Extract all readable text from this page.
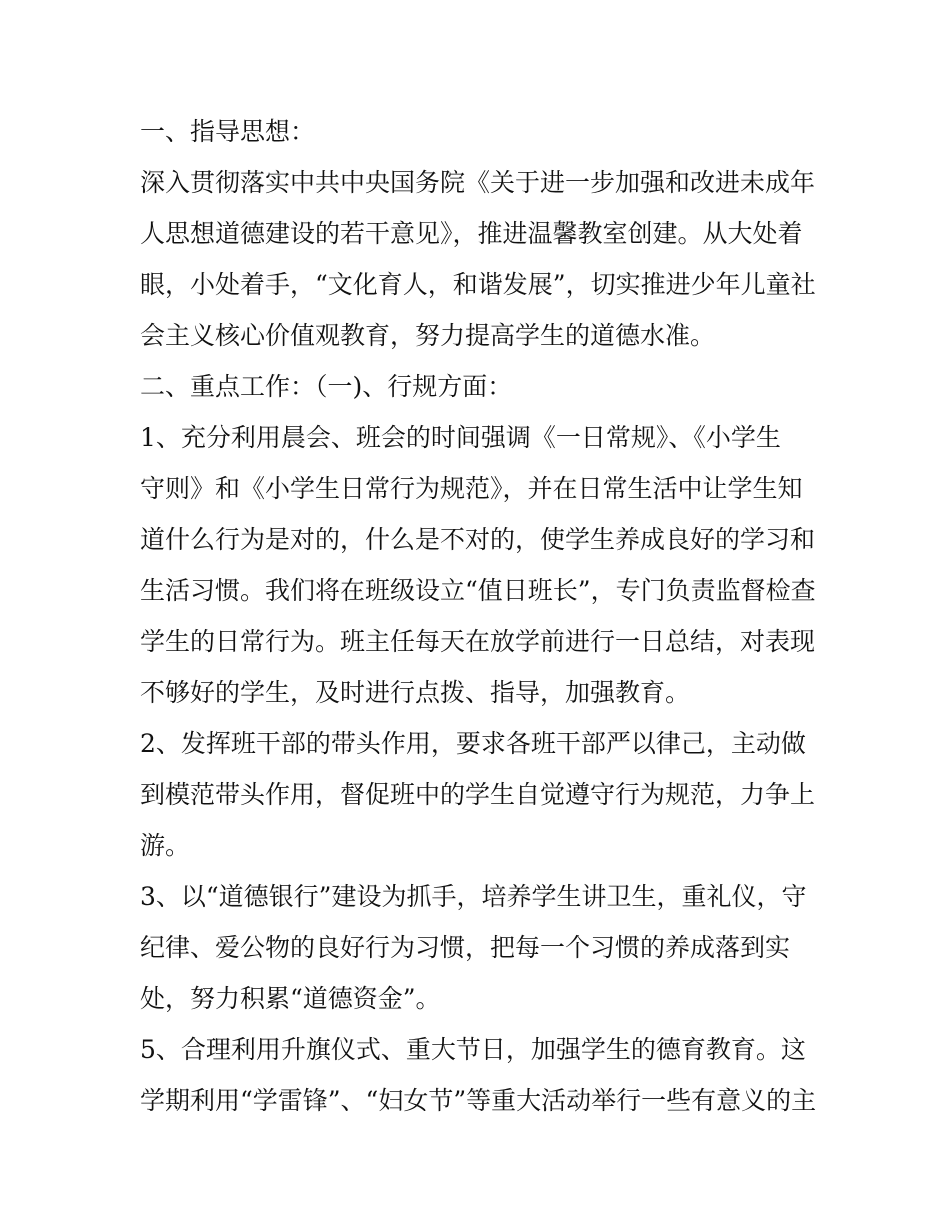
一、指导思想：
深入贯彻落实中共中央国务院《关于进一步加强和改进未成年
人思想道德建设的若干意见》，推进温馨教室创建。从大处着
眼，小处着手，“文化育人，和谐发展”，切实推进少年儿童社
会主义核心价值观教育，努力提高学生的道德水准。
二、重点工作：（一)、行规方面：
1、充分利用晨会、班会的时间强调《一日常规》、《小学生
守则》和《小学生日常行为规范》，并在日常生活中让学生知
道什么行为是对的，什么是不对的，使学生养成良好的学习和
生活习惯。我们将在班级设立“值日班长”，专门负责监督检查
学生的日常行为。班主任每天在放学前进行一日总结，对表现
不够好的学生，及时进行点拨、指导，加强教育。
2、发挥班干部的带头作用，要求各班干部严以律己，主动做
到模范带头作用，督促班中的学生自觉遵守行为规范，力争上
游。
3、以“道德银行”建设为抓手，培养学生讲卫生，重礼仪，守
纪律、爱公物的良好行为习惯，把每一个习惯的养成落到实
处，努力积累“道德资金”。
5、合理利用升旗仪式、重大节日，加强学生的德育教育。这
学期利用“学雷锋”、“妇女节”等重大活动举行一些有意义的主
